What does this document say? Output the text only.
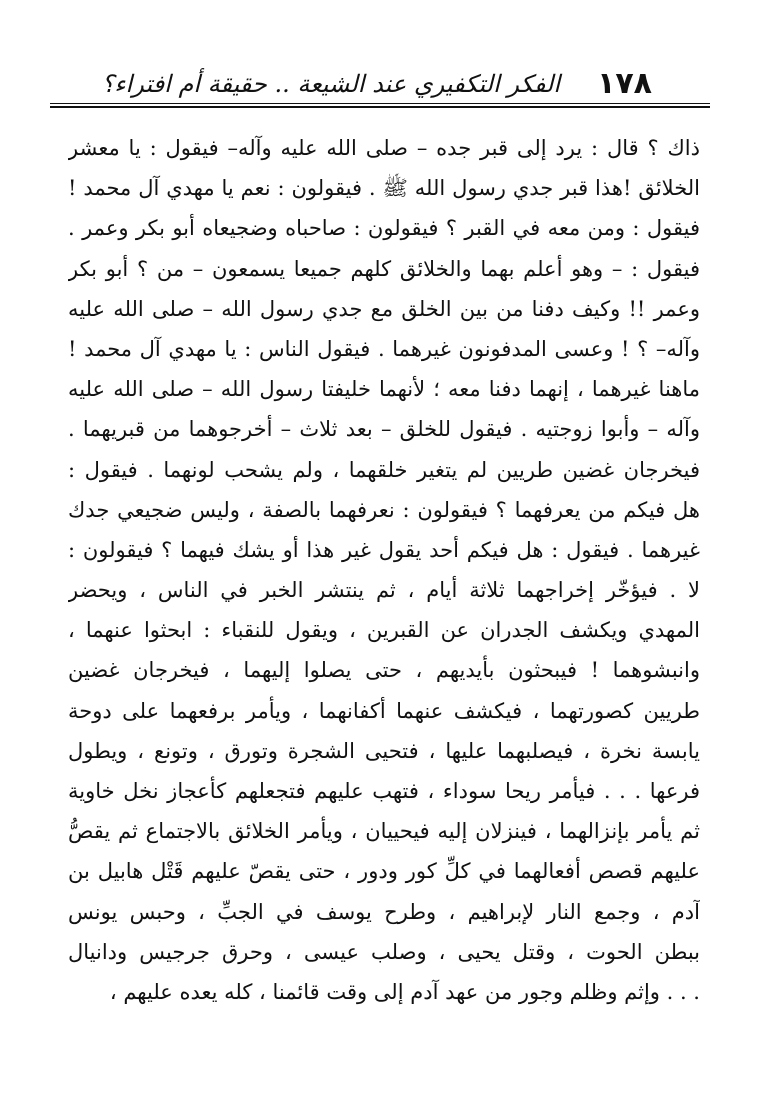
١٧٨
الفكر التكفيري عند الشيعة .. حقيقة أم افتراء؟
ذاك ؟ قال : يرد إلى قبر جده – صلى الله عليه وآله– فيقول : يا معشر
الخلائق !هذا قبر جدي رسول الله ﷺ . فيقولون : نعم يا مهدي آل محمد !
فيقول : ومن معه في القبر ؟ فيقولون : صاحباه وضجيعاه أبو بكر وعمر .
فيقول : – وهو أعلم بهما والخلائق كلهم جميعا يسمعون – من ؟ أبو بكر
وعمر !! وكيف دفنا من بين الخلق مع جدي رسول الله – صلى الله عليه
وآله– ؟ ! وعسى المدفونون غيرهما . فيقول الناس : يا مهدي آل محمد !
ماهنا غيرهما ، إنهما دفنا معه ؛ لأنهما خليفتا رسول الله – صلى الله عليه
وآله – وأبوا زوجتيه . فيقول للخلق – بعد ثلاث – أخرجوهما من قبريهما .
فيخرجان غضين طريين لم يتغير خلقهما ، ولم يشحب لونهما . فيقول :
هل فيكم من يعرفهما ؟ فيقولون : نعرفهما بالصفة ، وليس ضجيعي جدك
غيرهما . فيقول : هل فيكم أحد يقول غير هذا أو يشك فيهما ؟ فيقولون :
لا . فيؤخّر إخراجهما ثلاثة أيام ، ثم ينتشر الخبر في الناس ، ويحضر
المهدي ويكشف الجدران عن القبرين ، ويقول للنقباء : ابحثوا عنهما ،
وانبشوهما ! فيبحثون بأيديهم ، حتى يصلوا إليهما ، فيخرجان غضين
طريين كصورتهما ، فيكشف عنهما أكفانهما ، ويأمر برفعهما على دوحة
يابسة نخرة ، فيصلبهما عليها ، فتحيى الشجرة وتورق ، وتونع ، ويطول
فرعها . . . فيأمر ريحا سوداء ، فتهب عليهم فتجعلهم كأعجاز نخل خاوية
ثم يأمر بإنزالهما ، فينزلان إليه فيحييان ، ويأمر الخلائق بالاجتماع ثم يقصُّ
عليهم قصص أفعالهما في كلِّ كور ودور ، حتى يقصّ عليهم قَتْل هابيل بن
آدم ، وجمع النار لإبراهيم ، وطرح يوسف في الجبِّ ، وحبس يونس
ببطن الحوت ، وقتل يحيى ، وصلب عيسى ، وحرق جرجيس ودانيال
. . . وإثم وظلم وجور من عهد آدم إلى وقت قائمنا ، كله يعده عليهم ،
